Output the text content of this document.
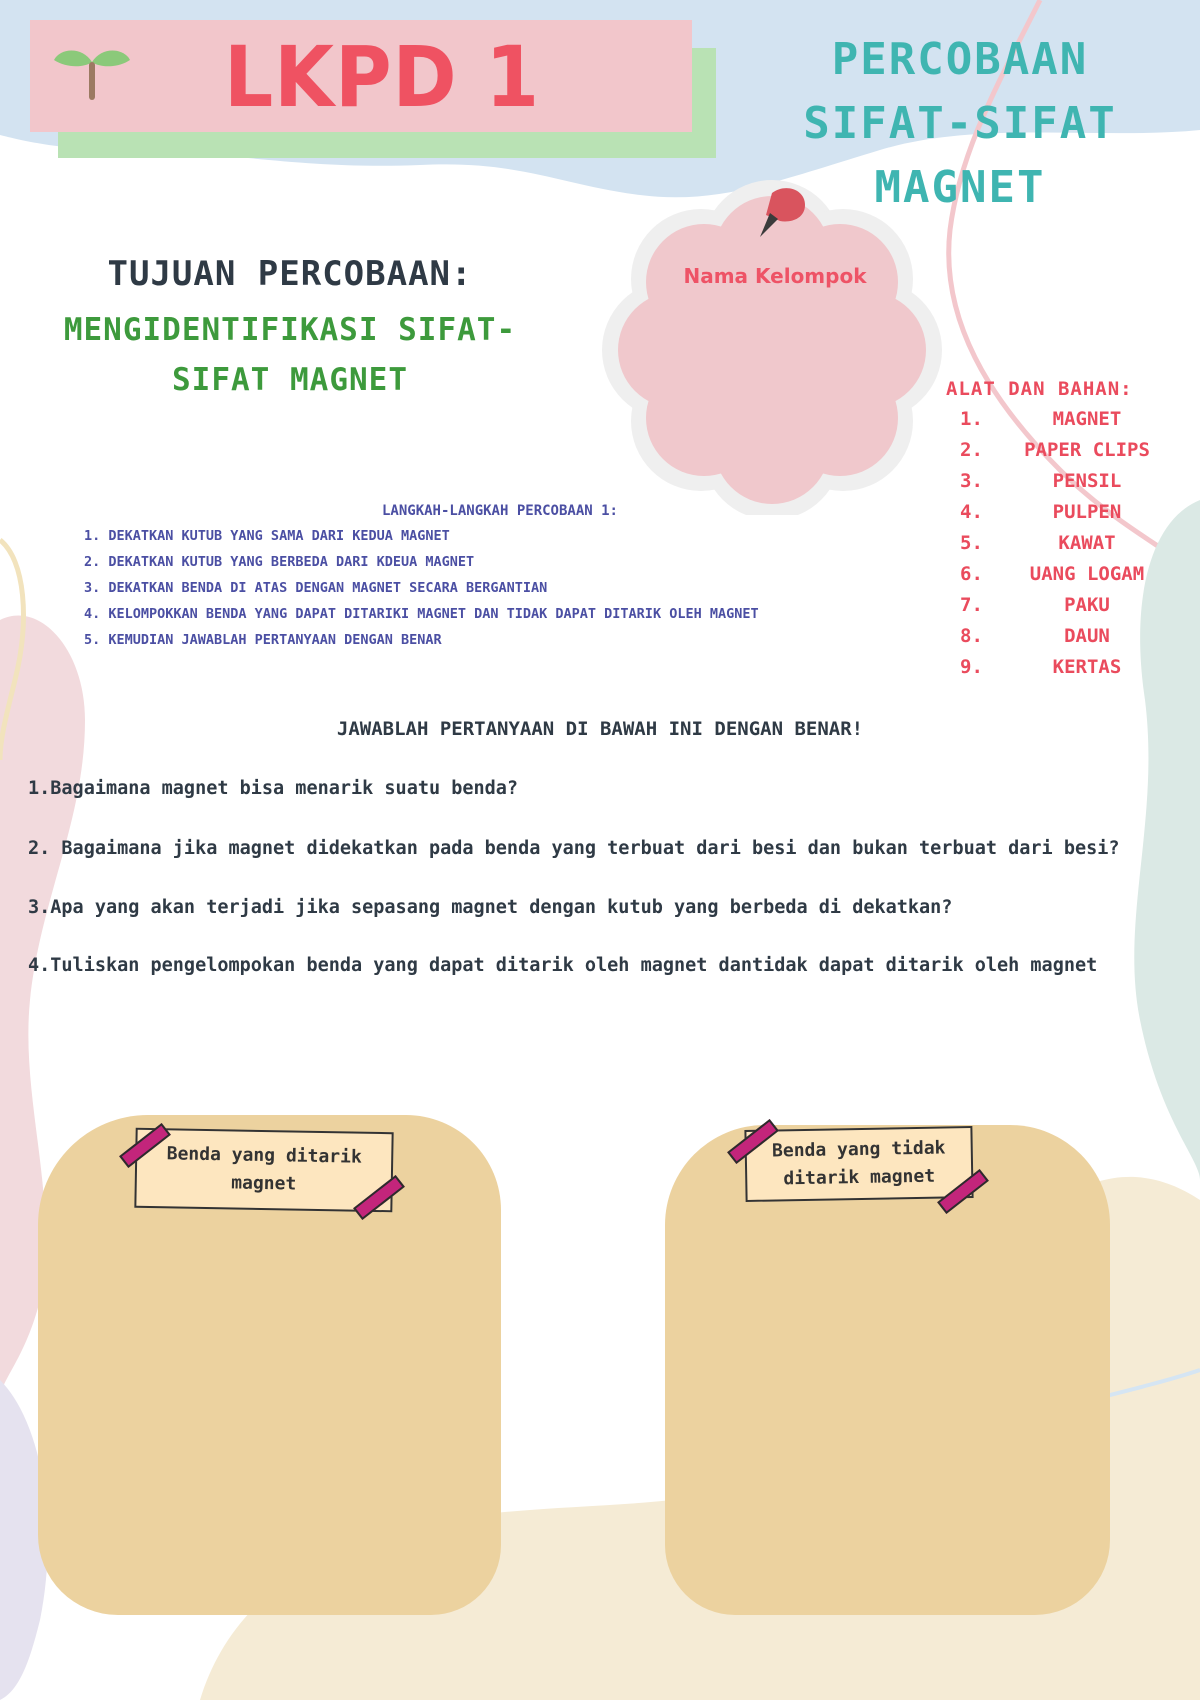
LKPD 1	PERCOBAAN SIFAT-SIFAT MAGNET
TUJUAN PERCOBAAN:
MENGIDENTIFIKASI SIFAT-SIFAT MAGNET
Nama Kelompok
ALAT DAN BAHAN:
1.	MAGNET
2.	PAPER CLIPS
3.	PENSIL
4.	PULPEN
5.	KAWAT
6.	UANG LOGAM
7.	PAKU
8.	DAUN
9.	KERTAS
LANGKAH-LANGKAH PERCOBAAN 1:
1. DEKATKAN KUTUB YANG SAMA DARI KEDUA MAGNET
2. DEKATKAN KUTUB YANG BERBEDA DARI KDEUA MAGNET
3. DEKATKAN BENDA DI ATAS DENGAN MAGNET SECARA BERGANTIAN
4. KELOMPOKKAN BENDA YANG DAPAT DITARIKI MAGNET DAN TIDAK DAPAT DITARIK OLEH MAGNET
5. KEMUDIAN JAWABLAH PERTANYAAN DENGAN BENAR
JAWABLAH PERTANYAAN DI BAWAH INI DENGAN BENAR!
1.Bagaimana magnet bisa menarik suatu benda?
2. Bagaimana jika magnet didekatkan pada benda yang terbuat dari besi dan bukan terbuat dari besi?
3.Apa yang akan terjadi jika sepasang magnet dengan kutub yang berbeda di dekatkan?
4.Tuliskan pengelompokan benda yang dapat ditarik oleh magnet dantidak dapat ditarik oleh magnet
Benda yang ditarik magnet
Benda yang tidak ditarik magnet
